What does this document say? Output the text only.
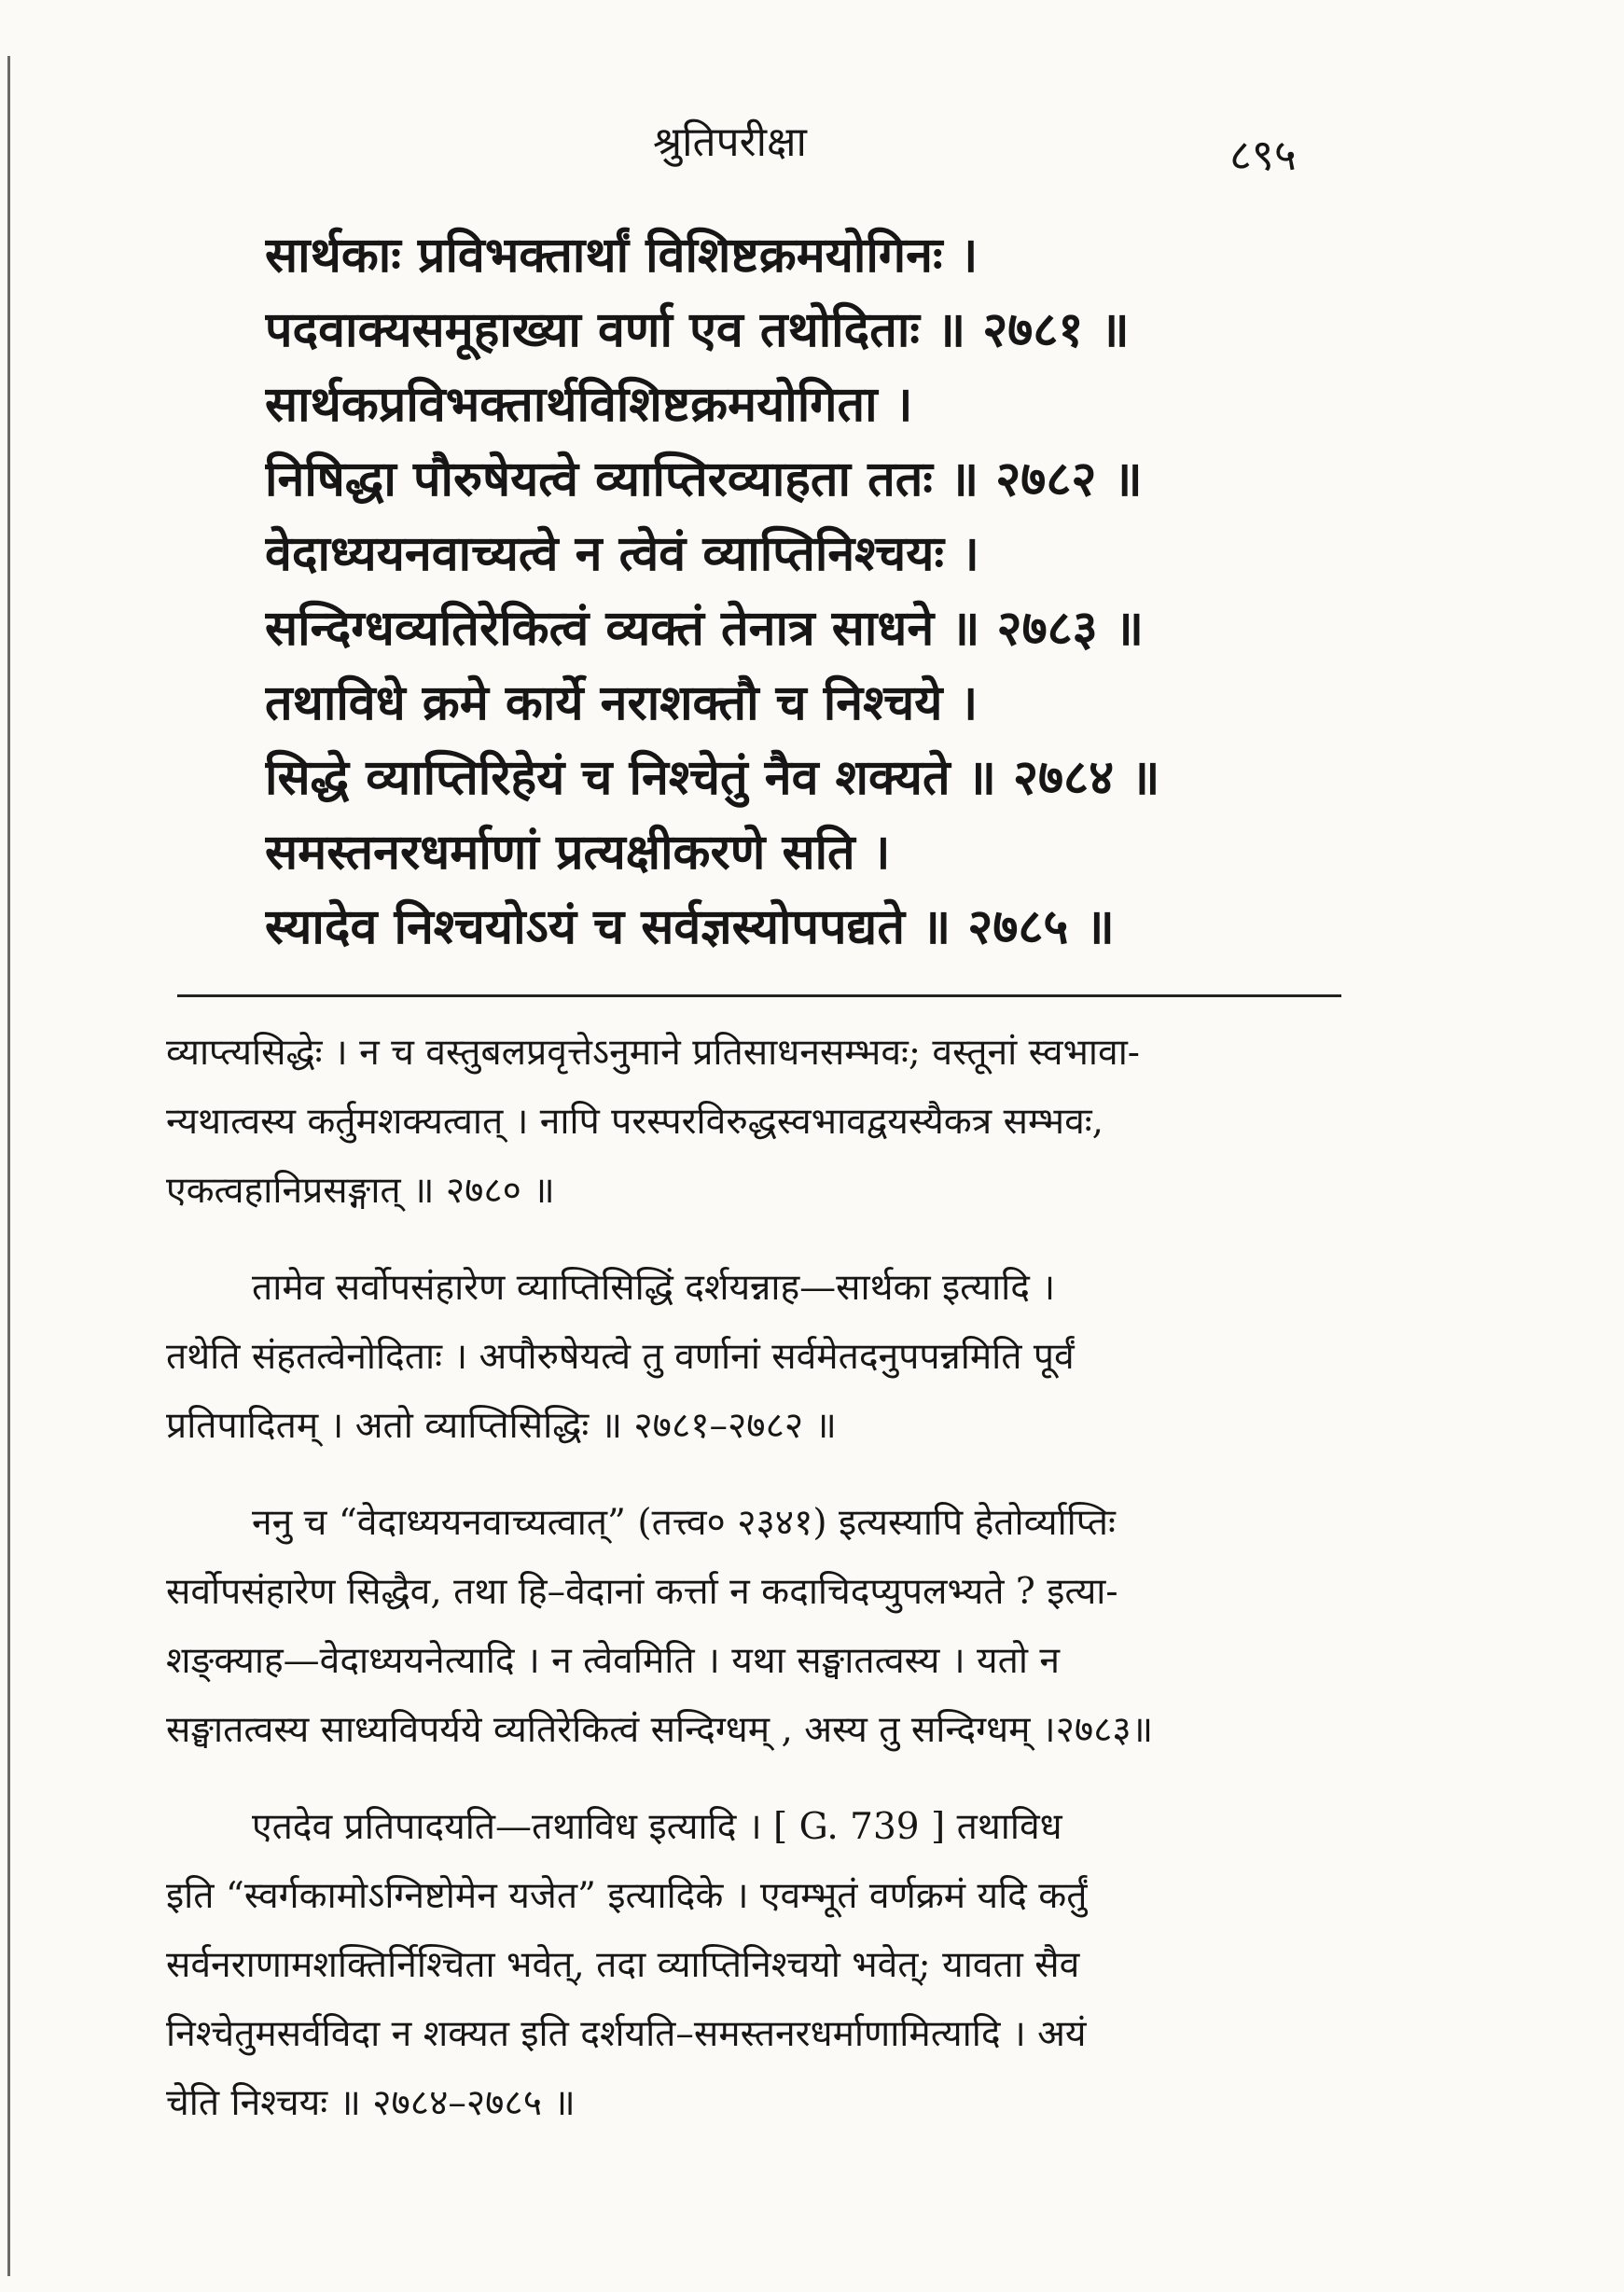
श्रुतिपरीक्षा	८९५
सार्थकाः प्रविभक्तार्थां विशिष्टक्रमयोगिनः ।
पदवाक्यसमूहाख्या वर्णा एव तथोदिताः ॥ २७८१ ॥
सार्थकप्रविभक्तार्थविशिष्टक्रमयोगिता ।
निषिद्धा पौरुषेयत्वे व्याप्तिरव्याहता ततः ॥ २७८२ ॥
वेदाध्ययनवाच्यत्वे न त्वेवं व्याप्तिनिश्चयः ।
सन्दिग्धव्यतिरेकित्वं व्यक्तं तेनात्र साधने ॥ २७८३ ॥
तथाविधे क्रमे कार्ये नराशक्तौ च निश्चये ।
सिद्धे व्याप्तिरिहेयं च निश्चेतुं नैव शक्यते ॥ २७८४ ॥
समस्तनरधर्माणां प्रत्यक्षीकरणे सति ।
स्यादेव निश्चयोऽयं च सर्वज्ञस्योपपद्यते ॥ २७८५ ॥
व्याप्त्यसिद्धेः । न च वस्तुबलप्रवृत्तेऽनुमाने प्रतिसाधनसम्भवः; वस्तूनां स्वभावा-
न्यथात्वस्य कर्तुमशक्यत्वात् । नापि परस्परविरुद्धस्वभावद्वयस्यैकत्र सम्भवः,
एकत्वहानिप्रसङ्गात् ॥ २७८० ॥
तामेव सर्वोपसंहारेण व्याप्तिसिद्धिं दर्शयन्नाह—सार्थका इत्यादि ।
तथेति संहतत्वेनोदिताः । अपौरुषेयत्वे तु वर्णानां सर्वमेतदनुपपन्नमिति पूर्वं
प्रतिपादितम् । अतो व्याप्तिसिद्धिः ॥ २७८१–२७८२ ॥
ननु च “वेदाध्ययनवाच्यत्वात्” (तत्त्व० २३४१) इत्यस्यापि हेतोर्व्याप्तिः
सर्वोपसंहारेण सिद्धैव, तथा हि–वेदानां कर्त्ता न कदाचिदप्युपलभ्यते ? इत्या-
शङ्क्याह—वेदाध्ययनेत्यादि । न त्वेवमिति । यथा सङ्घातत्वस्य । यतो न
सङ्घातत्वस्य साध्यविपर्यये व्यतिरेकित्वं सन्दिग्धम् , अस्य तु सन्दिग्धम् ।२७८३॥
एतदेव प्रतिपादयति—तथाविध इत्यादि । [ G. 739 ] तथाविध
इति “स्वर्गकामोऽग्निष्टोमेन यजेत” इत्यादिके । एवम्भूतं वर्णक्रमं यदि कर्तुं
सर्वनराणामशक्तिर्निश्चिता भवेत्, तदा व्याप्तिनिश्चयो भवेत्; यावता सैव
निश्चेतुमसर्वविदा न शक्यत इति दर्शयति–समस्तनरधर्माणामित्यादि । अयं
चेति निश्चयः ॥ २७८४–२७८५ ॥
